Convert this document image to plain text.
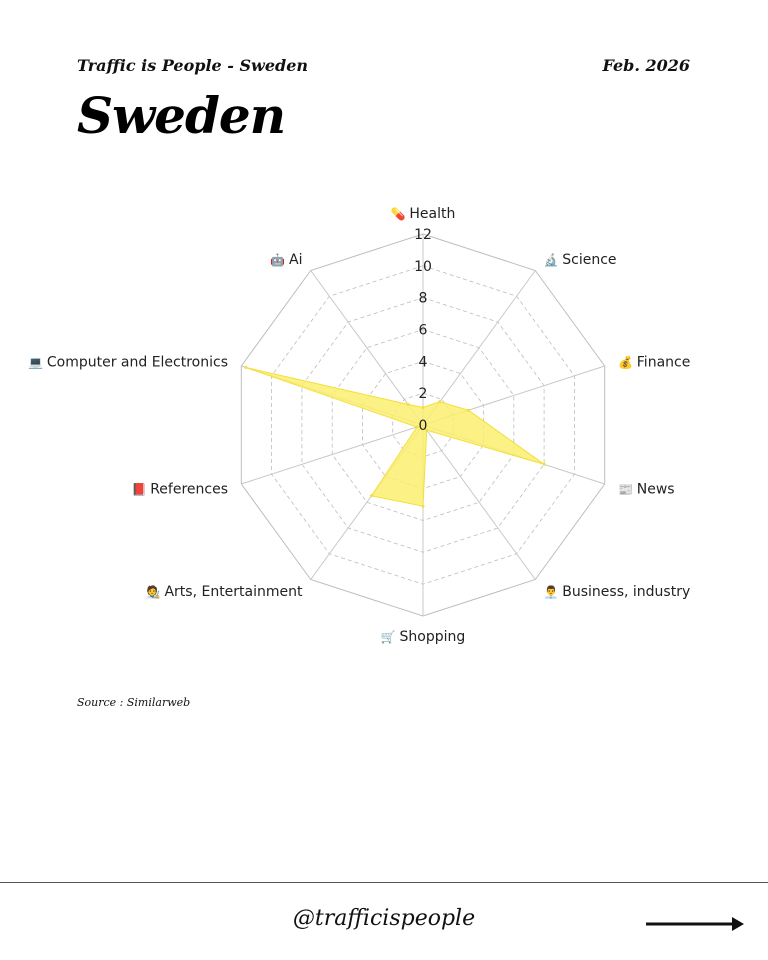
Traffic is People - Sweden	Feb. 2026
Sweden
0
2
4
6
8
10
12
💊 Health
🔬 Science
💰 Finance
📰 News
👨‍💼 Business, industry
🛒 Shopping
🧑‍🎨 Arts, Entertainment
📕 References
💻 Computer and Electronics
🤖 Ai
Source : Similarweb
@trafficispeople
